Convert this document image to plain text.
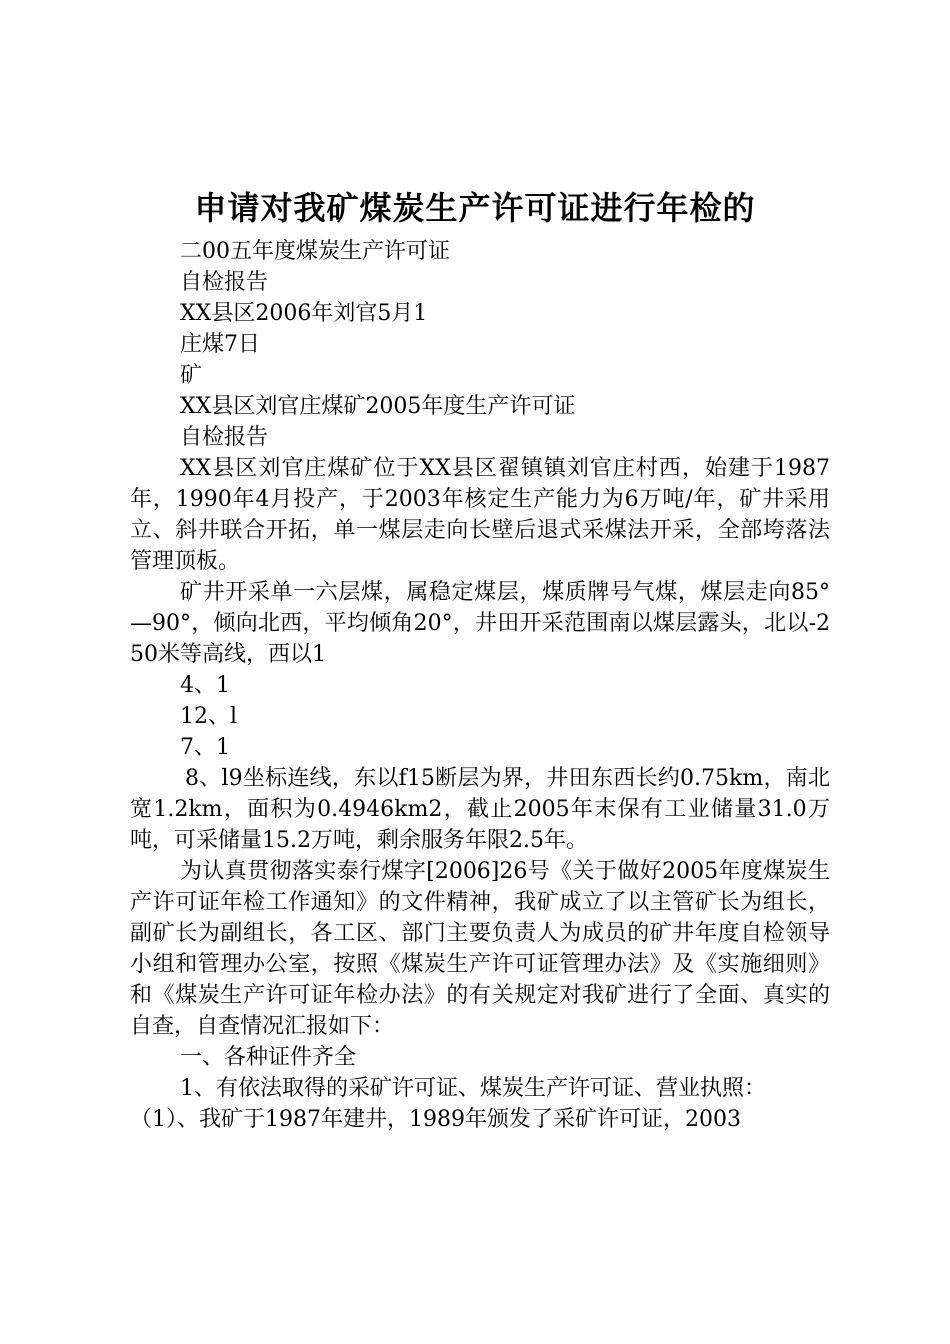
申请对我矿煤炭生产许可证进行年检的
二00五年度煤炭生产许可证
自检报告
XX县区2006年刘官5月1
庄煤7日
矿
XX县区刘官庄煤矿2005年度生产许可证
自检报告

XX县区刘官庄煤矿位于XX县区翟镇镇刘官庄村西，始建于1987年，1990年4月投产，于2003年核定生产能力为6万吨/年，矿井采用立、斜井联合开拓，单一煤层走向长壁后退式采煤法开采，全部垮落法管理顶板。

矿井开采单一六层煤，属稳定煤层，煤质牌号气煤，煤层走向85°—90°，倾向北西，平均倾角20°，井田开采范围南以煤层露头，北以-250米等高线，西以1

4、1
12、l
7、1

8、l9坐标连线，东以f15断层为界，井田东西长约0.75km，南北宽1.2km，面积为0.4946km2，截止2005年末保有工业储量31.0万吨，可采储量15.2万吨，剩余服务年限2.5年。

为认真贯彻落实泰行煤字[2006]26号《关于做好2005年度煤炭生产许可证年检工作通知》的文件精神，我矿成立了以主管矿长为组长，副矿长为副组长，各工区、部门主要负责人为成员的矿井年度自检领导小组和管理办公室，按照《煤炭生产许可证管理办法》及《实施细则》和《煤炭生产许可证年检办法》的有关规定对我矿进行了全面、真实的自查，自查情况汇报如下：

一、各种证件齐全

1、有依法取得的采矿许可证、煤炭生产许可证、营业执照：

（1）、我矿于1987年建井，1989年颁发了采矿许可证，2003
